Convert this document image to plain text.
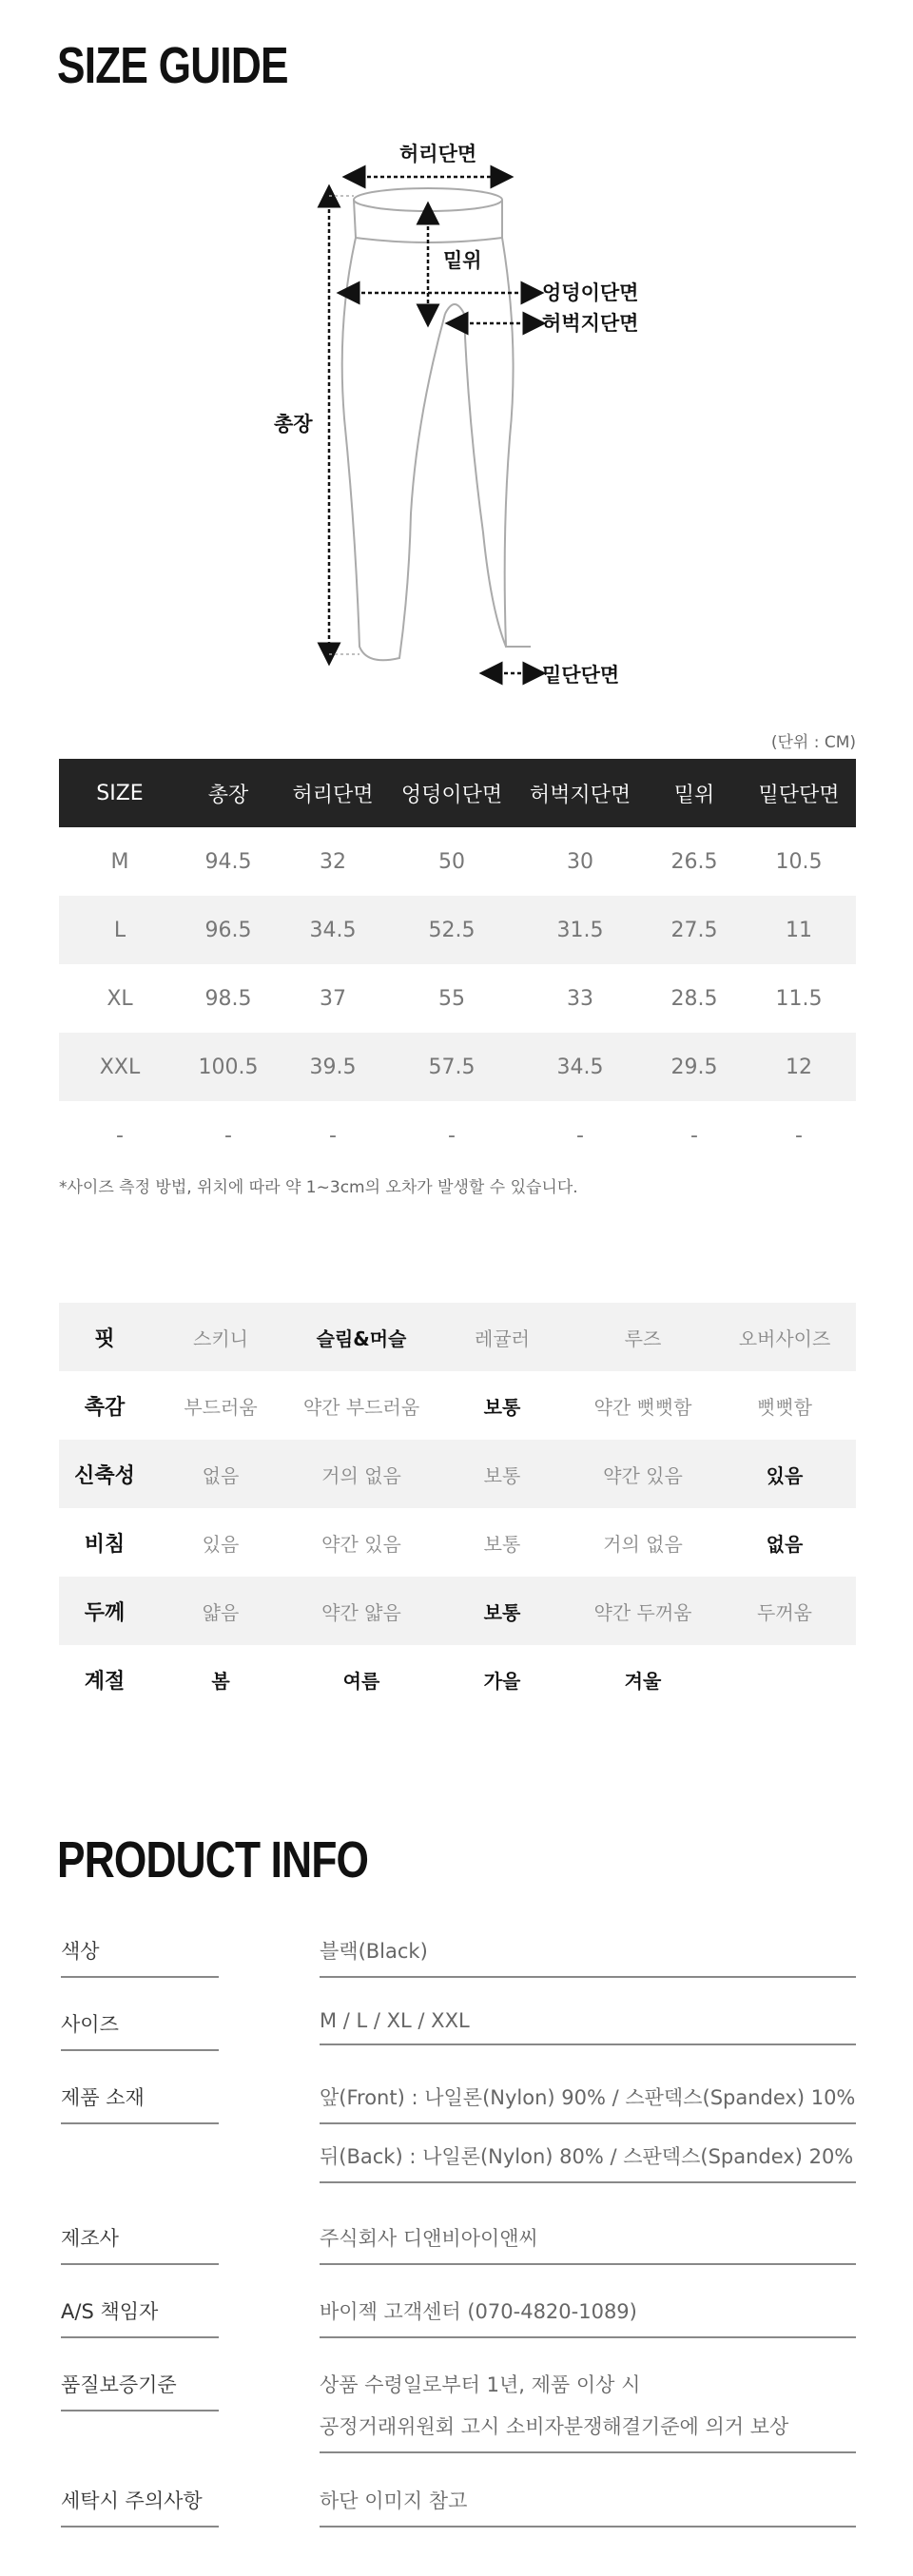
SIZE GUIDE
허리단면
밑위
엉덩이단면
허벅지단면
총장
밑단단면
(단위 : CM)
SIZE	총장	허리단면	엉덩이단면	허벅지단면	밑위	밑단단면
M	94.5	32	50	30	26.5	10.5
L	96.5	34.5	52.5	31.5	27.5	11
XL	98.5	37	55	33	28.5	11.5
XXL	100.5	39.5	57.5	34.5	29.5	12
-	-	-	-	-	-	-
*사이즈 측정 방법, 위치에 따라 약 1~3cm의 오차가 발생할 수 있습니다.
핏	스키니	슬림&머슬	레귤러	루즈	오버사이즈
촉감	부드러움	약간 부드러움	보통	약간 뻣뻣함	뻣뻣함
신축성	없음	거의 없음	보통	약간 있음	있음
비침	있음	약간 있음	보통	거의 없음	없음
두께	얇음	약간 얇음	보통	약간 두꺼움	두꺼움
계절	봄	여름	가을	겨울	
PRODUCT INFO
색상	블랙(Black)
사이즈	M / L / XL / XXL
제품 소재	앞(Front) : 나일론(Nylon) 90% / 스판덱스(Spandex) 10%
뒤(Back) : 나일론(Nylon) 80% / 스판덱스(Spandex) 20%
제조사	주식회사 디앤비아이앤씨
A/S 책임자	바이젝 고객센터 (070-4820-1089)
품질보증기준	상품 수령일로부터 1년, 제품 이상 시
공정거래위원회 고시 소비자분쟁해결기준에 의거 보상
세탁시 주의사항	하단 이미지 참고
